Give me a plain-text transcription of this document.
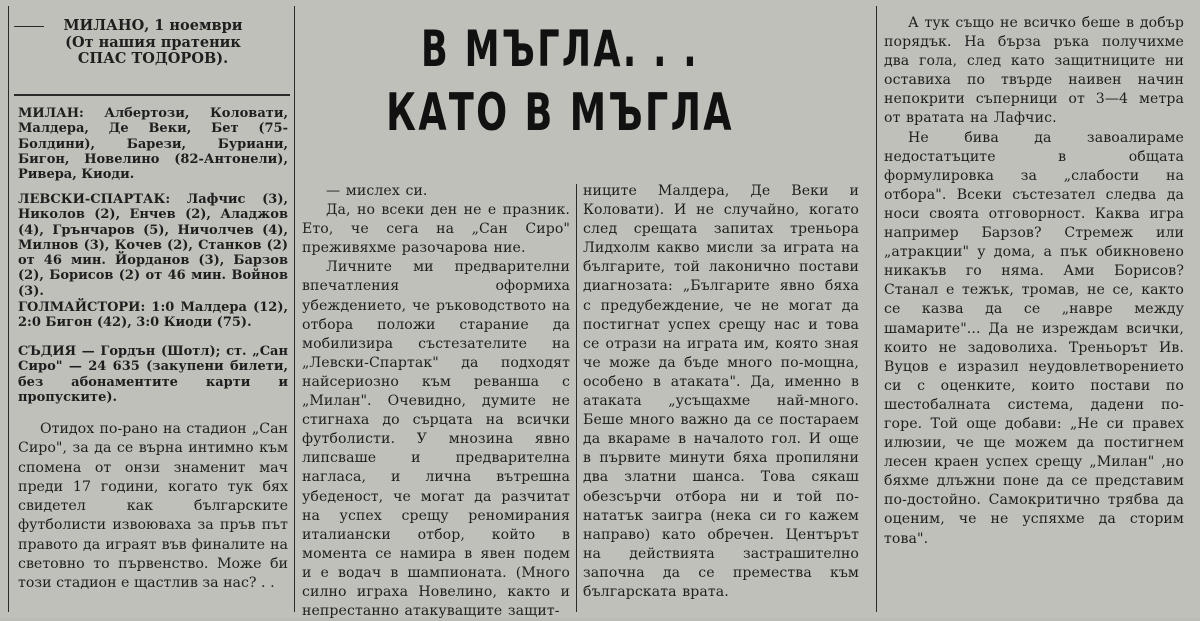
МИЛАНО, 1 ноември
(От нашия пратеник
СПАС ТОДОРОВ).
МИЛАН: Албертози, Коловати, Малдера, Де Веки, Бет (75-Болдини), Барези, Буриани, Бигон, Новелино (82-Антонели), Ривера, Киоди.
ЛЕВСКИ-СПАРТАК: Лафчис (3), Николов (2), Енчев (2), Аладжов (4), Грънчаров (5), Ничолчев (4), Милнов (3), Кочев (2), Станков (2) от 46 мин. Йорданов (3), Барзов (2), Борисов (2) от 46 мин. Войнов (3).
ГОЛМАЙСТОРИ: 1:0 Малдера (12), 2:0 Бигон (42), 3:0 Киоди (75).
СЪДИЯ — Гордън (Шотл); ст. „Сан Сиро" — 24 635 (закупени билети, без абонаментите карти и пропуските).

Отидох по-рано на стадион „Сан Сиро", за да се върна интимно към спомена от онзи знаменит мач преди 17 години, когато тук бях свидетел как българските футболисти извоюваха за пръв път правото да играят във финалите на световно то първенство. Може би този стадион е щастлив за нас? . .

В МЪГЛА. . .
КАТО В МЪГЛА

— мислех си.

Да, но всеки ден не е празник. Ето, че сега на „Сан Сиро" преживяхме разочарова ние.

Личните ми предварителни впечатления оформиха убеждението, че ръководството на отбора положи старание да мобилизира състезателите на „Левски-Спартак" да подходят найсериозно към реванша с „Милан". Очевидно, думите не стигнаха до сърцата на всички футболисти. У мнозина явно липсваше и предварителна нагласа, и лична вътрешна убеденост, че могат да разчитат на успех срещу реномирания италиански отбор, който в момента се намира в явен подем и е водач в шампионата. (Много силно играха Новелино, както и непрестанно атакуващите защит-

ниците Малдера, Де Веки и Коловати). И не случайно, когато след срещата запитах треньора Лидхолм какво мисли за играта на българите, той лаконично постави диагнозата: „Българите явно бяха с предубеждение, че не могат да постигнат успех срещу нас и това се отрази на играта им, която зная че може да бъде много по-мощна, особено в атаката". Да, именно в атаката „усъщахме най-много. Беше много важно да се постараем да вкараме в началото гол. И още в първите минути бяха пропиляни два златни шанса. Това сякаш обезсърчи отбора ни и той по-нататък заигра (нека си го кажем направо) като обречен. Центърът на действията застрашително започна да се премества към българската врата.

А тук също не всичко беше в добър порядък. На бърза ръка получихме два гола, след като защитниците ни оставиха по твърде наивен начин непокрити съперници от 3—4 метра от вратата на Лафчис.

Не бива да завоалираме недостатъците в общата формулировка за „слабости на отбора". Всеки състезател следва да носи своята отговорност. Каква игра например Барзов? Стремеж или „атракции" у дома, а пък обикновено никакъв го няма. Ами Борисов? Станал е тежък, тромав, не се, както се казва да се „навре между шамарите"... Да не изреждам всички, които не задоволиха. Треньорът Ив. Вуцов е изразил неудовлетворението си с оценките, които постави по шестобалната система, дадени по-горе. Той още добави: „Не си правех илюзии, че ще можем да постигнем лесен краен успех срещу „Милан" ,но бяхме длъжни поне да се представим по-достойно. Самокритично трябва да оценим, че не успяхме да сторим това".
